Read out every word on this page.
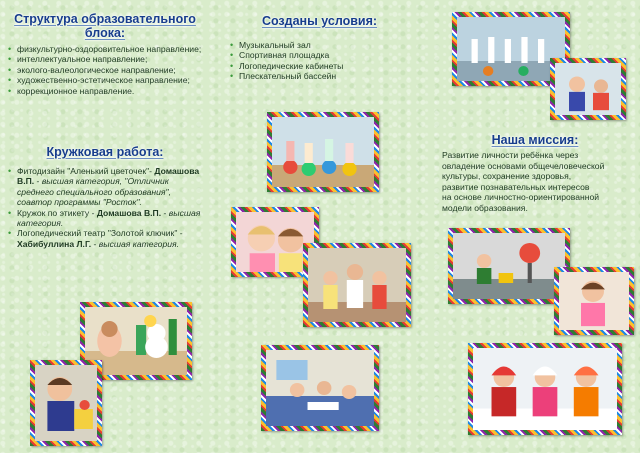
Структура образовательного
блока:
• физкультурно-оздоровительное направление;
• интеллектуальное направление;
• эколого-валеологическое направление;
• художественно-эстетическое направление;
• коррекционное направление.
Кружковая работа:
• Фитодизайн "Аленький цветочек"- Домашова В.П. - высшая категория, "Отличник среднего специального образования", соавтор программы "Росток".
• Кружок по этикету - Домашова В.П. - высшая категория.
• Логопедический театр "Золотой ключик" - Хабибуллина Л.Г. - высшая категория.
Созданы условия:
• Музыкальный зал
• Спортивная площадка
• Логопедические кабинеты
• Плескательный бассейн
Наша миссия:
Развитие личности ребёнка через
овладение основами общечеловеческой
культуры, сохранение здоровья,
развитие познавательных интересов
на основе личностно-ориентированной
модели образования.
